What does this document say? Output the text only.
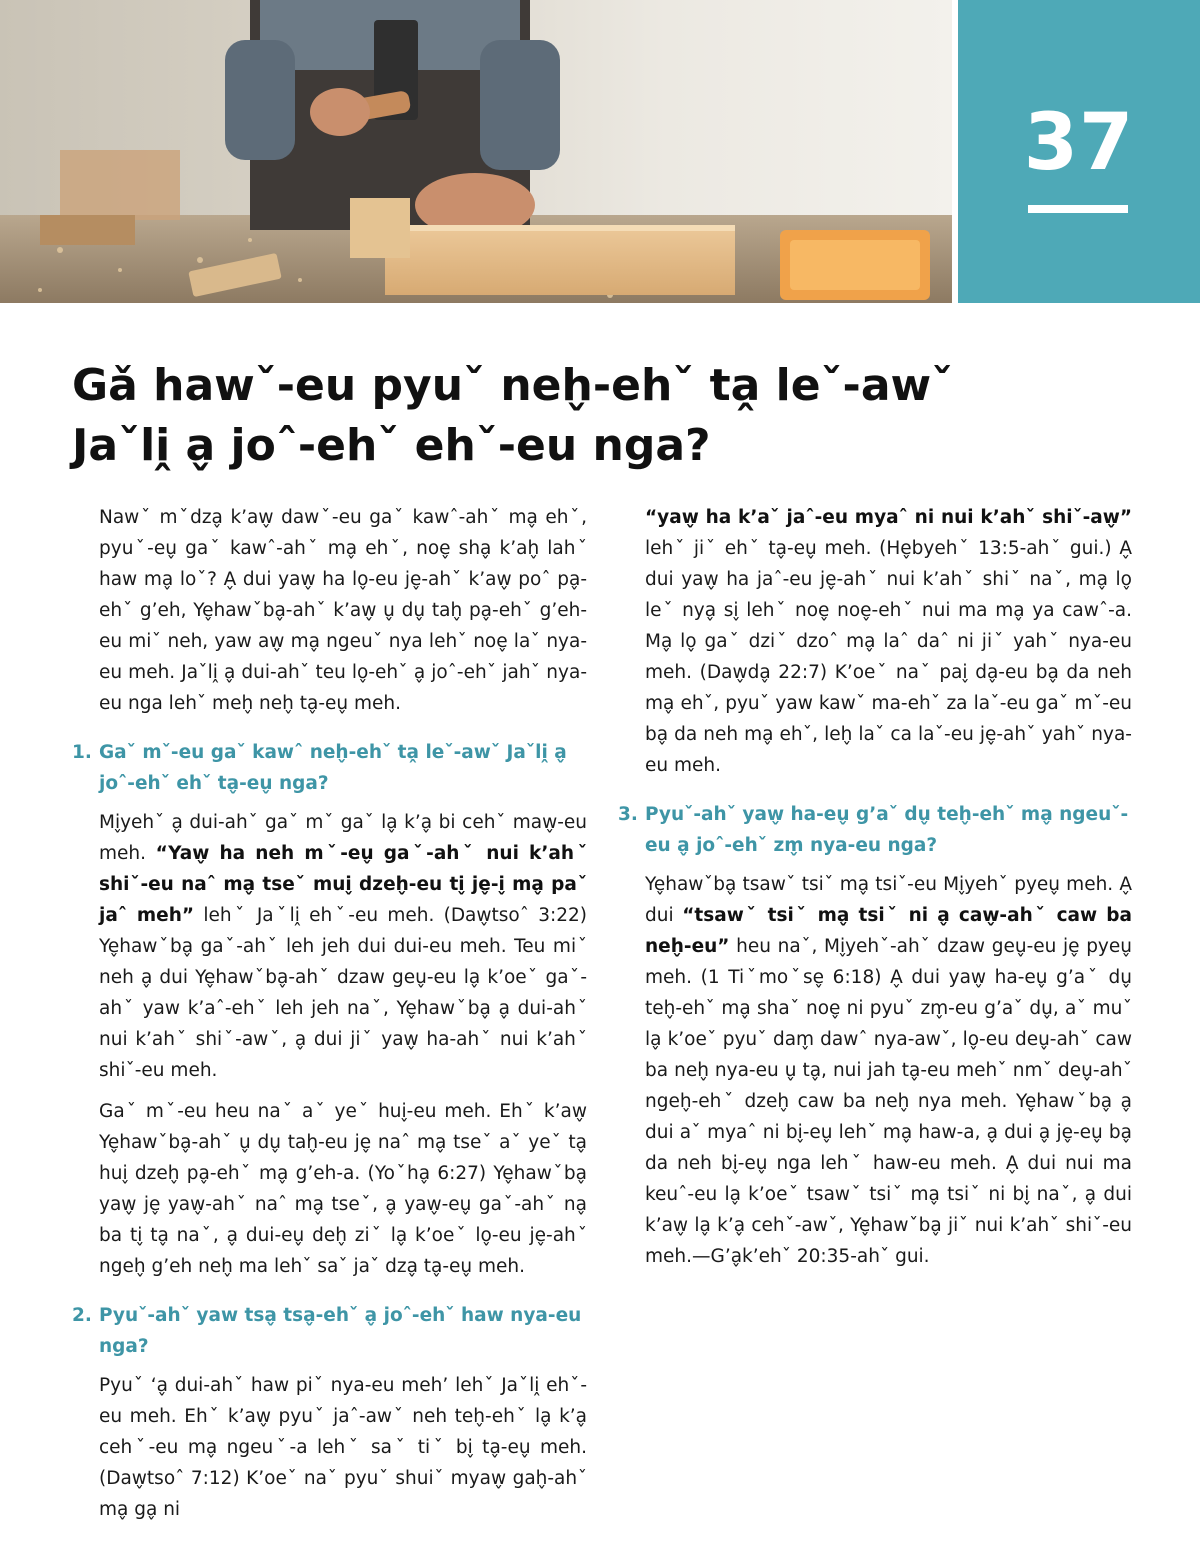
37
Gǎ hawˇ-eu pyuˇ neh̬-ehˇ ta̭ leˇ-awˇ
Jaˇli̭ a̬ joˆ-ehˇ ehˇ-eu nga?

Nawˇ mˇdza̬ k’aw̬ dawˇ-eu gaˇ kawˆ-ahˇ ma̬ ehˇ, pyuˇ-eu̬ gaˇ kawˆ-ahˇ ma̬ ehˇ, noe̬ sha̬ k’ah̬ lahˇ haw ma̬ loˇ? A̬ dui yaw̬ ha lo̬-eu je̬-ahˇ k’aw̬ poˆ pa̬-ehˇ g’eh, Ye̬hawˇba̬-ahˇ k’aw̬ u̬ du̬ tah̬ pa̬-ehˇ g’eh-eu miˇ neh, yaw aw̬ ma̬ ngeuˇ nya lehˇ noe̬ laˇ nya-eu meh. Jaˇli̭ a̬ dui-ahˇ teu lo̬-ehˇ a̬ joˆ-ehˇ jahˇ nya-eu nga lehˇ meh̬ neh̬ ta̬-eu̬ meh.

1. Gaˇ mˇ-eu gaˇ kawˆ neh̬-ehˇ ta̭ leˇ-awˇ Jaˇli̭ a̬ joˆ-ehˇ ehˇ ta̬-eu̬ nga?

Mi̬yehˇ a̬ dui-ahˇ gaˇ mˇ gaˇ la̬ k’a̬ bi cehˇ maw̬-eu meh. “Yaw̬ ha neh mˇ-eu̬ gaˇ-ahˇ nui k’ahˇ shiˇ-eu naˆ ma̬ tseˇ mui̬ dzeh̬-eu ti̬ je̬-i̬ ma̬ paˇ jaˆ meh” lehˇ Jaˇli̭ ehˇ-eu meh. (Daw̬tsoˆ 3:22) Ye̬hawˇba̬ gaˇ-ahˇ leh jeh dui dui-eu meh. Teu miˇ neh a̬ dui Ye̬hawˇba̬-ahˇ dzaw geu̬-eu la̬ k’oeˇ gaˇ-ahˇ yaw k’aˆ-ehˇ leh jeh naˇ, Ye̬hawˇba̬ a̬ dui-ahˇ nui k’ahˇ shiˇ-awˇ, a̬ dui jiˇ yaw̬ ha-ahˇ nui k’ahˇ shiˇ-eu meh.

Gaˇ mˇ-eu heu naˇ aˇ yeˇ hui̬-eu meh. Ehˇ k’aw̬ Ye̬hawˇba̬-ahˇ u̬ du̬ tah̬-eu je̬ naˆ ma̬ tseˇ aˇ yeˇ ta̬ hui̬ dzeh̬ pa̬-ehˇ ma̬ g’eh-a. (Yoˇha̬ 6:27) Ye̬hawˇba̬ yaw̬ je̬ yaw̬-ahˇ naˆ ma̬ tseˇ, a̬ yaw̬-eu̬ gaˇ-ahˇ na̬ ba ti̬ ta̬ naˇ, a̬ dui-eu̬ deh̬ ziˇ la̬ k’oeˇ lo̬-eu je̬-ahˇ ngeh̬ g’eh neh̬ ma lehˇ saˇ jaˇ dza̬ ta̬-eu̬ meh.

2. Pyuˇ-ahˇ yaw tsa̬ tsa̬-ehˇ a̬ joˆ-ehˇ haw nya-eu nga?

Pyuˇ ‘a̬ dui-ahˇ haw piˇ nya-eu meh’ lehˇ Jaˇli̭ ehˇ-eu meh. Ehˇ k’aw̬ pyuˇ jaˆ-awˇ neh teh̬-ehˇ la̬ k’a̬ cehˇ-eu ma̬ ngeuˇ-a lehˇ saˇ tiˇ bi̬ ta̬-eu̬ meh. (Daw̬tsoˆ 7:12) K’oeˇ naˇ pyuˇ shuiˇ myaw̬ gah̬-ahˇ ma̬ ga̬ ni

“yaw̬ ha k’aˇ jaˆ-eu myaˆ ni nui k’ahˇ shiˇ-aw̬” lehˇ jiˇ ehˇ ta̬-eu̬ meh. (He̬byehˇ 13:5-ahˇ gui.) A̬ dui yaw̬ ha jaˆ-eu je̬-ahˇ nui k’ahˇ shiˇ naˇ, ma̬ lo̬ leˇ nya̬ si̬ lehˇ noe̬ noe̬-ehˇ nui ma ma̬ ya cawˆ-a. Ma̬ lo̬ gaˇ dziˇ dzoˆ ma̬ laˆ daˆ ni jiˇ yahˇ nya-eu meh. (Daw̬da̬ 22:7) K’oeˇ naˇ pai̬ da̬-eu ba̬ da neh ma̬ ehˇ, pyuˇ yaw kawˇ ma-ehˇ za laˇ-eu gaˇ mˇ-eu ba̬ da neh ma̬ ehˇ, leh̬ laˇ ca laˇ-eu je̬-ahˇ yahˇ nya-eu meh.

3. Pyuˇ-ahˇ yaw̬ ha-eu̬ g’aˇ du̬ teh̬-ehˇ ma̬ ngeuˇ-eu a̬ joˆ-ehˇ zm̬ nya-eu nga?

Ye̬hawˇba̬ tsawˇ tsiˇ ma̬ tsiˇ-eu Mi̬yehˇ pyeu̬ meh. A̬ dui “tsawˇ tsiˇ ma̬ tsiˇ ni a̬ caw̬-ahˇ caw ba neh̬-eu” heu naˇ, Mi̬yehˇ-ahˇ dzaw geu̬-eu je̬ pyeu̬ meh. (1 Tiˇmoˇse̬ 6:18) A̬ dui yaw̬ ha-eu̬ g’aˇ du̬ teh̬-ehˇ ma̬ shaˇ noe̬ ni pyuˇ zm̬-eu g’aˇ du̬, aˇ muˇ la̬ k’oeˇ pyuˇ dam̬ dawˆ nya-awˇ, lo̬-eu deu̬-ahˇ caw ba neh̬ nya-eu u̬ ta̬, nui jah ta̬-eu mehˇ nmˇ deu̬-ahˇ ngeh̬-ehˇ dzeh̬ caw ba neh̬ nya meh. Ye̬hawˇba̬ a̬ dui aˇ myaˆ ni bi̬-eu̬ lehˇ ma̬ haw-a, a̬ dui a̬ je̬-eu̬ ba̬ da neh bi̬-eu̬ nga lehˇ haw-eu meh. A̬ dui nui ma keuˆ-eu la̬ k’oeˇ tsawˇ tsiˇ ma̬ tsiˇ ni bi̬ naˇ, a̬ dui k’aw̬ la̬ k’a̬ cehˇ-awˇ, Ye̬hawˇba̬ jiˇ nui k’ahˇ shiˇ-eu meh.—G’a̬k’ehˇ 20:35-ahˇ gui.
